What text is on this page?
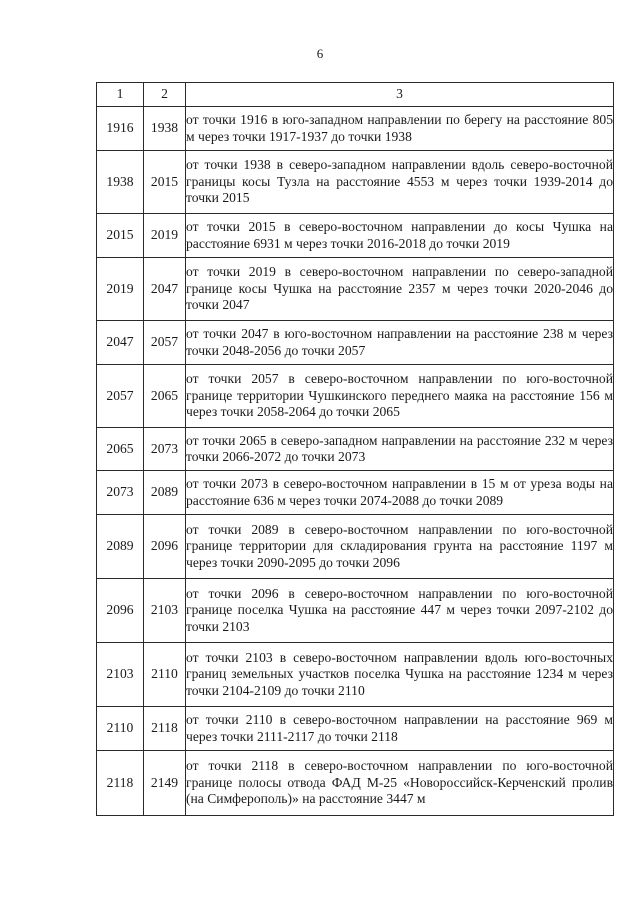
6
1	2	3
1916	1938	от точки 1916 в юго-западном направлении по берегу на расстояние 805 м через точки 1917-1937 до точки 1938
1938	2015	от точки 1938 в северо-западном направлении вдоль северо-восточной границы косы Тузла на расстояние 4553 м через точки 1939-2014 до точки 2015
2015	2019	от точки 2015 в северо-восточном направлении до косы Чушка на расстояние 6931 м через точки 2016-2018 до точки 2019
2019	2047	от точки 2019 в северо-восточном направлении по северо-западной границе косы Чушка на расстояние 2357 м через точки 2020-2046 до точки 2047
2047	2057	от точки 2047 в юго-восточном направлении на расстояние 238 м через точки 2048-2056 до точки 2057
2057	2065	от точки 2057 в северо-восточном направлении по юго-восточной границе территории Чушкинского переднего маяка на расстояние 156 м через точки 2058-2064 до точки 2065
2065	2073	от точки 2065 в северо-западном направлении на расстояние 232 м через точки 2066-2072 до точки 2073
2073	2089	от точки 2073 в северо-восточном направлении в 15 м от уреза воды на расстояние 636 м через точки 2074-2088 до точки 2089
2089	2096	от точки 2089 в северо-восточном направлении по юго-восточной границе территории для складирования грунта на расстояние 1197 м через точки 2090-2095 до точки 2096
2096	2103	от точки 2096 в северо-восточном направлении по юго-восточной границе поселка Чушка на расстояние 447 м через точки 2097-2102 до точки 2103
2103	2110	от точки 2103 в северо-восточном направлении вдоль юго-восточных границ земельных участков поселка Чушка на расстояние 1234 м через точки 2104-2109 до точки 2110
2110	2118	от точки 2110 в северо-восточном направлении на расстояние 969 м через точки 2111-2117 до точки 2118
2118	2149	от точки 2118 в северо-восточном направлении по юго-восточной границе полосы отвода ФАД М-25 «Новороссийск-Керченский пролив (на Симферополь)» на расстояние 3447 м
